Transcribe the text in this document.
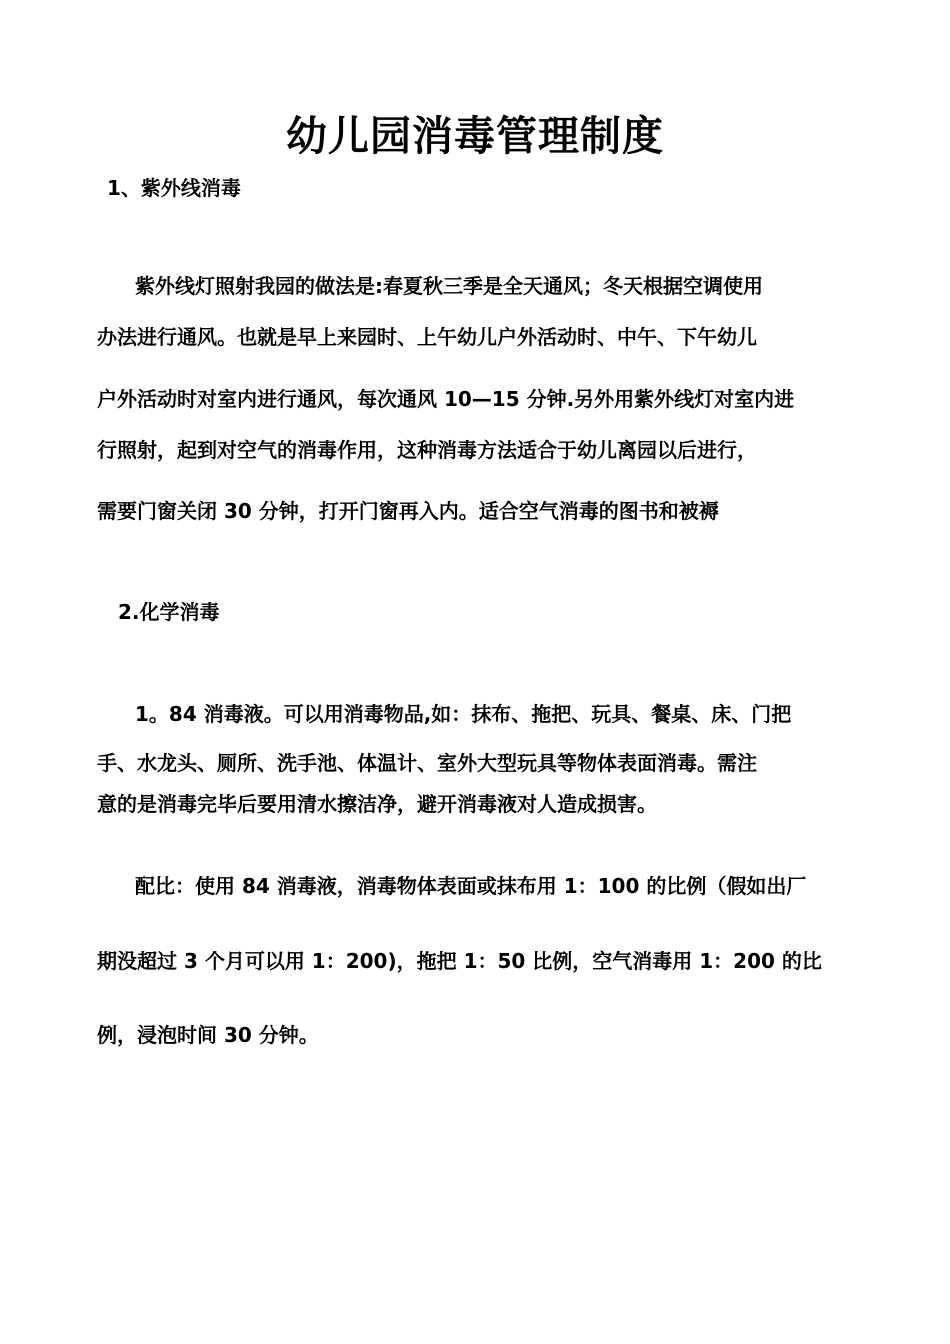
幼儿园消毒管理制度
1、紫外线消毒
紫外线灯照射我园的做法是:春夏秋三季是全天通风；冬天根据空调使用
办法进行通风。也就是早上来园时、上午幼儿户外活动时、中午、下午幼儿
户外活动时对室内进行通风，每次通风 10—15 分钟.另外用紫外线灯对室内进
行照射，起到对空气的消毒作用，这种消毒方法适合于幼儿离园以后进行，
需要门窗关闭 30 分钟，打开门窗再入内。适合空气消毒的图书和被褥
2.化学消毒
1。84 消毒液。可以用消毒物品,如：抹布、拖把、玩具、餐桌、床、门把
手、水龙头、厕所、洗手池、体温计、室外大型玩具等物体表面消毒。需注
意的是消毒完毕后要用清水擦洁净，避开消毒液对人造成损害。
配比：使用 84 消毒液，消毒物体表面或抹布用 1：100 的比例（假如出厂
期没超过 3 个月可以用 1：200)，拖把 1：50 比例，空气消毒用 1：200 的比
例，浸泡时间 30 分钟。
